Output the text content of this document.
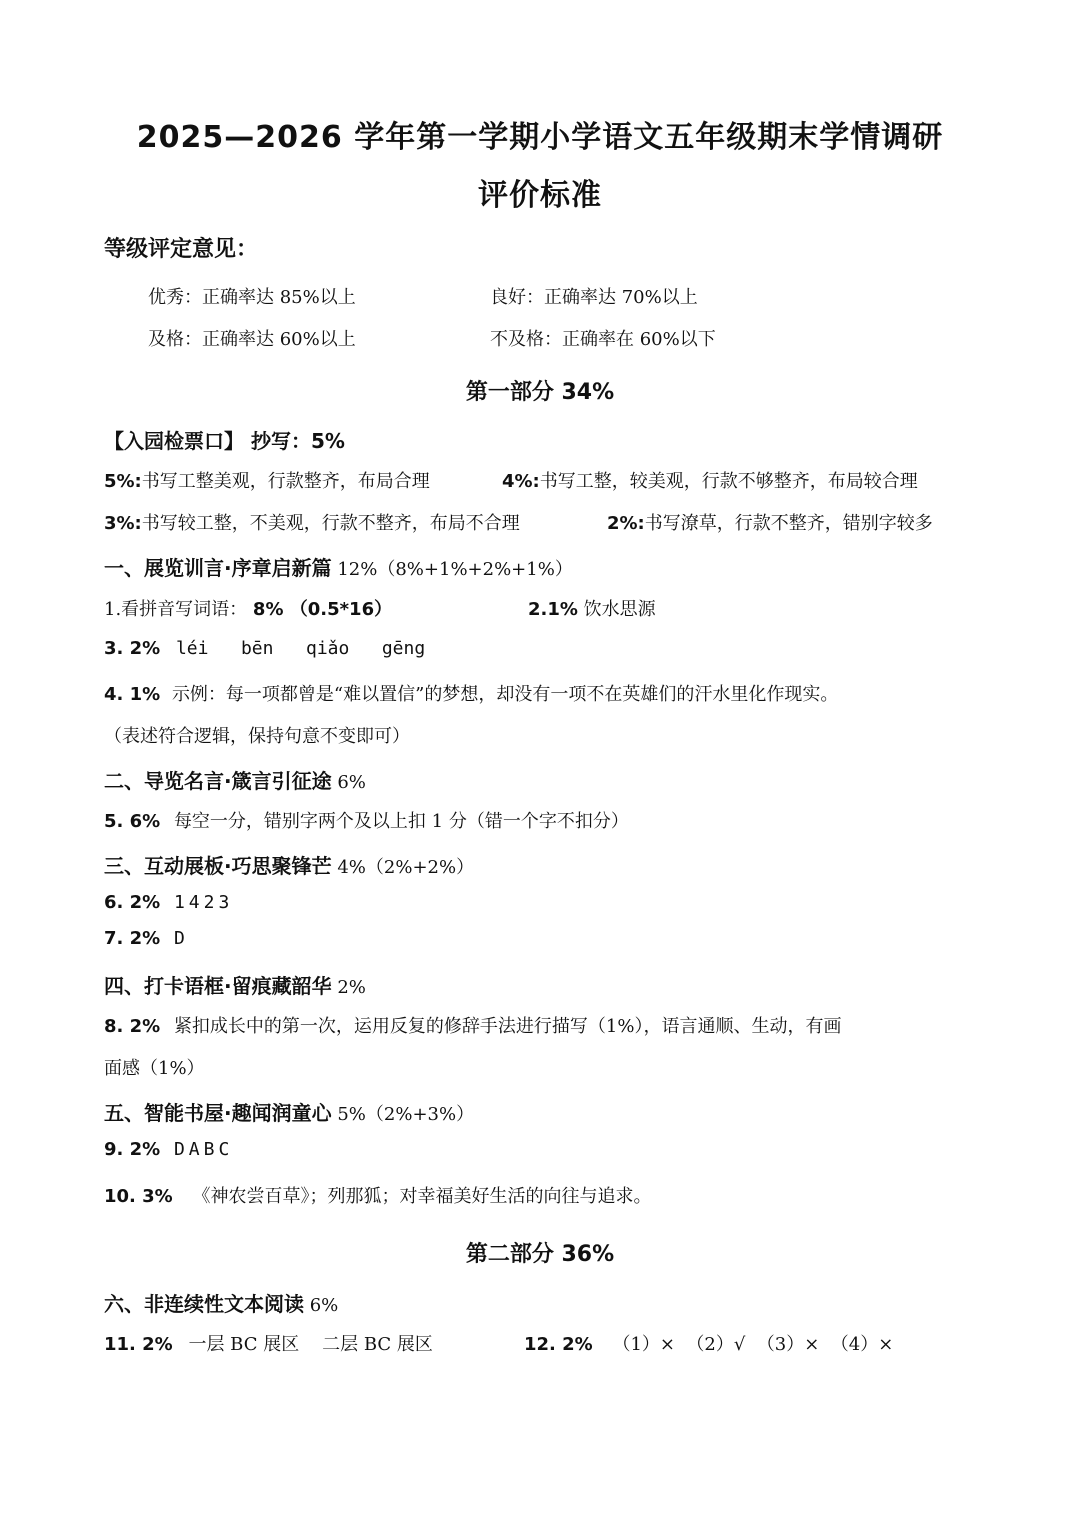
2025—2026 学年第一学期小学语文五年级期末学情调研
评价标准
等级评定意见：
优秀：正确率达 85%以上	良好：正确率达 70%以上
及格：正确率达 60%以上	不及格：正确率在 60%以下
第一部分 34%
【入园检票口】 抄写：5%
5%:书写工整美观，行款整齐，布局合理	4%:书写工整，较美观，行款不够整齐，布局较合理
3%:书写较工整，不美观，行款不整齐，布局不合理	2%:书写潦草，行款不整齐，错别字较多
一、展览训言·序章启新篇 12%（8%+1%+2%+1%）
1.看拼音写词语： 8% （0.5*16）	2.1% 饮水思源
3. 2% léi   bēn   qiǎo   gēng
4. 1% 示例：每一项都曾是“难以置信”的梦想，却没有一项不在英雄们的汗水里化作现实。
（表述符合逻辑，保持句意不变即可）
二、导览名言·箴言引征途 6%
5. 6% 每空一分，错别字两个及以上扣 1 分（错一个字不扣分）
三、互动展板·巧思聚锋芒 4%（2%+2%）
6. 2% 1423
7. 2% D
四、打卡语框·留痕藏韶华 2%
8. 2% 紧扣成长中的第一次，运用反复的修辞手法进行描写（1%），语言通顺、生动，有画
面感（1%）
五、智能书屋·趣闻润童心 5%（2%+3%）
9. 2% DABC
10. 3% 《神农尝百草》；列那狐；对幸福美好生活的向往与追求。
第二部分 36%
六、非连续性文本阅读 6%
11. 2% 一层 BC 展区    二层 BC 展区	12. 2% （1）×  （2）√  （3）×  （4）×
